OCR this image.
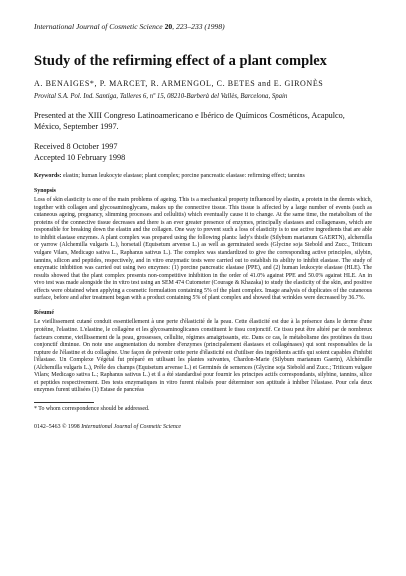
International Journal of Cosmetic Science 20, 223–233 (1998)
Study of the refirming effect of a plant complex
A. BENAIGES*, P. MARCET, R. ARMENGOL, C. BETES and E. GIRONÈS
Provital S.A. Pol. Ind. Santiga, Talleres 6, nº 15, 08210-Barberà del Vallès, Barcelona, Spain
Presented at the XIII Congreso Latinoamericano e Ibérico de Químicos Cosméticos, Acapulco, México, September 1997.
Received 8 October 1997
Accepted 10 February 1998
Keywords: elastin; human leukocyte elastase; plant complex; porcine pancreatic elastase: refirming effect; tannins
Synopsis
Loss of skin elasticity is one of the main problems of ageing. This is a mechanical property influenced by elastin, a protein in the dermis which, together with collagen and glycosaminoglycans, makes up the connective tissue. This tissue is affected by a large number of events (such as cutaneous ageing, pregnancy, slimming processes and cellulitis) which eventually cause it to change. At the same time, the metabolism of the proteins of the connective tissue decreases and there is an ever greater presence of enzymes, principally elastases and collagenases, which are responsible for breaking down the elastin and the collagen. One way to prevent such a loss of elasticity is to use active ingredients that are able to inhibit elastase enzymes. A plant complex was prepared using the following plants: lady's thistle (Silybum marianum GAERTN), alchemilla or yarrow (Alchemilla vulgaris L.), horsetail (Equisetum arvense L.) as well as germinated seeds (Glycine soja Siebold and Zucc., Triticum vulgare Vilars, Medicago sativa L., Raphanus sativus L.). The complex was standardized to give the corresponding active principles, silybin, tannins, silicon and peptides, respectively, and in vitro enzymatic tests were carried out to establish its ability to inhibit elastase. The study of enzymatic inhibition was carried out using two enzymes: (1) porcine pancreatic elastase (PPE), and (2) human leukocyte elastase (HLE). The results showed that the plant complex presents non-competitive inhibition in the order of 41.0% against PPE and 50.0% against HLE. An in vivo test was made alongside the in vitro test using an SEM 474 Cutometer (Courage & Khazaka) to study the elasticity of the skin, and positive effects were obtained when applying a cosmetic formulation containing 5% of the plant complex. Image analysis of duplicates of the cutaneous surface, before and after treatment began with a product containing 5% of plant complex and showed that wrinkles were decreased by 36.7%.
Résumé
Le vieillissement cutané conduit essentiellement à une perte d'élasticité de la peau. Cette élasticité est due à la présence dans le derme d'une protéine, l'elastine. L'elastine, le collagène et les glycosaminoglicanes constituent le tissu conjonctif. Ce tissu peut être altéré par de nombreux facteurs comme, vieillissement de la peau, grossesses, cellulite, régimes amaigrissants, etc. Dans ce cas, le métabolisme des protéines du tissu conjonctif diminue. On note une augmentation du nombre d'enzymes (principalement élastases et collagénases) qui sont responsables de la rupture de l'élastine et du collagène. Une façon de prévenir cette perte d'élasticité est d'utiliser des ingrédients actifs qui soient capables d'inhibit l'élastase. Un Complexe Végétal fut préparé en utilisant les plantes suivantes, Chardon-Marie (Silybum marianum Gaertn), Alchémille (Alchemilla vulgaris L.), Prêle des champs (Equisetum arvense L.) et Germinés de semences (Glycine soja Siebold and Zucc.; Triticum vulgare Vilars; Medicago sativa L.; Raphanus sativus L.) et il a été standardisé pour fournir les principes actifs correspondants, silybine, tannins, silice et peptides respectivement. Des tests enzymatiques in vitro furent réalisés pour déterminer son aptitude à inhiber l'élastase. Pour cela deux enzymes furent utilisées (1) Estase de pancréas
* To whom correspondence should be addressed.
0142–5463 © 1998 International Journal of Cosmetic Science
